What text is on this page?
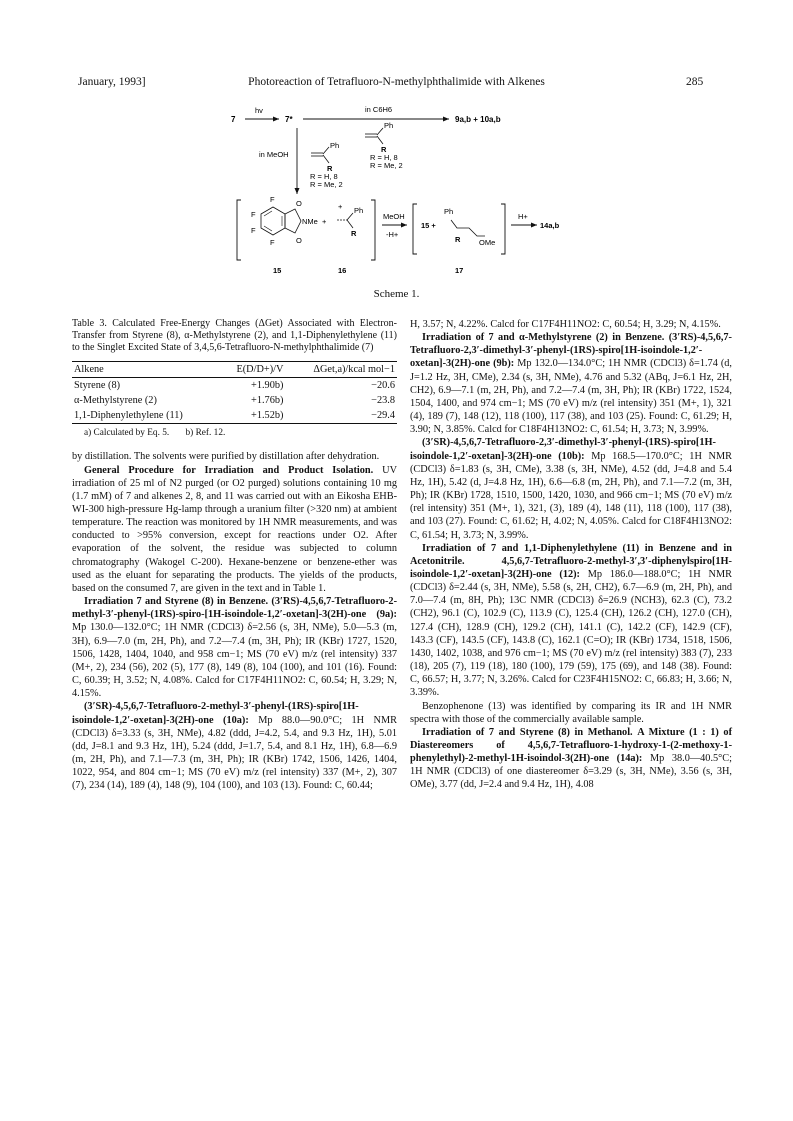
January, 1993]	Photoreaction of Tetrafluoro-N-methylphthalimide with Alkenes	285
7
hv
7*
in C6H6
9a,b + 10a,b
Ph
R
R = H, 8
R = Me, 2
in MeOH
Ph
R
R = H, 8
R = Me, 2
F
F
F
F
O
O
NMe +
+ Ph
R
15	16
MeOH
-H+
15 +
Ph
R OMe
17
H+
14a,b
Scheme 1.
Table 3. Calculated Free-Energy Changes (ΔGet) Associated with Electron-Transfer from Styrene (8), α-Methylstyrene (2), and 1,1-Diphenylethylene (11) to the Singlet Excited State of 3,4,5,6-Tetrafluoro-N-methylphthalimide (7)
Alkene	E(D/D+)/V	ΔGet,a)/kcal mol−1
Styrene (8)	+1.90b)	−20.6
α-Methylstyrene (2)	+1.76b)	−23.8
1,1-Diphenylethylene (11)	+1.52b)	−29.4
a) Calculated by Eq. 5. b) Ref. 12.

by distillation. The solvents were purified by distillation after dehydration.

General Procedure for Irradiation and Product Isolation. UV irradiation of 25 ml of N2 purged (or O2 purged) solutions containing 10 mg (1.7 mM) of 7 and alkenes 2, 8, and 11 was carried out with an Eikosha EHB-WI-300 high-pressure Hg-lamp through a uranium filter (>320 nm) at ambient temperature. The reaction was monitored by 1H NMR measurements, and was conducted to >95% conversion, except for reactions under O2. After evaporation of the solvent, the residue was subjected to column chromatography (Wakogel C-200). Hexane-benzene or benzene-ether was used as the eluant for separating the products. The yields of the products, based on the consumed 7, are given in the text and in Table 1.

Irradiation 7 and Styrene (8) in Benzene. (3′RS)-4,5,6,7-Tetrafluoro-2-methyl-3′-phenyl-(1RS)-spiro-[1H-isoindole-1,2′-oxetan]-3(2H)-one (9a): Mp 130.0—132.0°C; 1H NMR (CDCl3) δ=2.56 (s, 3H, NMe), 5.0—5.3 (m, 3H), 6.9—7.0 (m, 2H, Ph), and 7.2—7.4 (m, 3H, Ph); IR (KBr) 1727, 1520, 1506, 1428, 1404, 1040, and 958 cm−1; MS (70 eV) m/z (rel intensity) 337 (M+, 2), 234 (56), 202 (5), 177 (8), 149 (8), 104 (100), and 101 (16). Found: C, 60.39; H, 3.52; N, 4.08%. Calcd for C17F4H11NO2: C, 60.54; H, 3.29; N, 4.15%.

(3′SR)-4,5,6,7-Tetrafluoro-2-methyl-3′-phenyl-(1RS)-spiro[1H-isoindole-1,2′-oxetan]-3(2H)-one (10a): Mp 88.0—90.0°C; 1H NMR (CDCl3) δ=3.33 (s, 3H, NMe), 4.82 (ddd, J=4.2, 5.4, and 9.3 Hz, 1H), 5.01 (dd, J=8.1 and 9.3 Hz, 1H), 5.24 (ddd, J=1.7, 5.4, and 8.1 Hz, 1H), 6.8—6.9 (m, 2H, Ph), and 7.1—7.3 (m, 3H, Ph); IR (KBr) 1742, 1506, 1426, 1404, 1022, 954, and 804 cm−1; MS (70 eV) m/z (rel intensity) 337 (M+, 2), 307 (7), 234 (14), 189 (4), 148 (9), 104 (100), and 103 (13). Found: C, 60.44;

H, 3.57; N, 4.22%. Calcd for C17F4H11NO2: C, 60.54; H, 3.29; N, 4.15%.

Irradiation of 7 and α-Methylstyrene (2) in Benzene. (3′RS)-4,5,6,7-Tetrafluoro-2,3′-dimethyl-3′-phenyl-(1RS)-spiro[1H-isoindole-1,2′-oxetan]-3(2H)-one (9b): Mp 132.0—134.0°C; 1H NMR (CDCl3) δ=1.74 (d, J=1.2 Hz, 3H, CMe), 2.34 (s, 3H, NMe), 4.76 and 5.32 (ABq, J=6.1 Hz, 2H, CH2), 6.9—7.1 (m, 2H, Ph), and 7.2—7.4 (m, 3H, Ph); IR (KBr) 1722, 1524, 1504, 1400, and 974 cm−1; MS (70 eV) m/z (rel intensity) 351 (M+, 1), 321 (4), 189 (7), 148 (12), 118 (100), 117 (38), and 103 (25). Found: C, 61.29; H, 3.90; N, 3.85%. Calcd for C18F4H13NO2: C, 61.54; H, 3.73; N, 3.99%.

(3′SR)-4,5,6,7-Tetrafluoro-2,3′-dimethyl-3′-phenyl-(1RS)-spiro[1H-isoindole-1,2′-oxetan]-3(2H)-one (10b): Mp 168.5—170.0°C; 1H NMR (CDCl3) δ=1.83 (s, 3H, CMe), 3.38 (s, 3H, NMe), 4.52 (dd, J=4.8 and 5.4 Hz, 1H), 5.42 (d, J=4.8 Hz, 1H), 6.6—6.8 (m, 2H, Ph), and 7.1—7.2 (m, 3H, Ph); IR (KBr) 1728, 1510, 1500, 1420, 1030, and 966 cm−1; MS (70 eV) m/z (rel intensity) 351 (M+, 1), 321, (3), 189 (4), 148 (11), 118 (100), 117 (38), and 103 (27). Found: C, 61.62; H, 4.02; N, 4.05%. Calcd for C18F4H13NO2: C, 61.54; H, 3.73; N, 3.99%.

Irradiation of 7 and 1,1-Diphenylethylene (11) in Benzene and in Acetonitrile.	4,5,6,7-Tetrafluoro-2-methyl-3′,3′-diphenylspiro[1H-isoindole-1,2′-oxetan]-3(2H)-one (12): Mp 186.0—188.0°C; 1H NMR (CDCl3) δ=2.44 (s, 3H, NMe), 5.58 (s, 2H, CH2), 6.7—6.9 (m, 2H, Ph), and 7.0—7.4 (m, 8H, Ph); 13C NMR (CDCl3) δ=26.9 (NCH3), 62.3 (C), 73.2 (CH2), 96.1 (C), 102.9 (C), 113.9 (C), 125.4 (CH), 126.2 (CH), 127.0 (CH), 127.4 (CH), 128.9 (CH), 129.2 (CH), 141.1 (C), 142.2 (CF), 142.9 (CF), 143.3 (CF), 143.5 (CF), 143.8 (C), 162.1 (C=O); IR (KBr) 1734, 1518, 1506, 1430, 1402, 1038, and 976 cm−1; MS (70 eV) m/z (rel intensity) 383 (7), 233 (18), 205 (7), 119 (18), 180 (100), 179 (59), 175 (69), and 148 (38). Found: C, 66.57; H, 3.77; N, 3.26%. Calcd for C23F4H15NO2: C, 66.83; H, 3.66; N, 3.39%.

Benzophenone (13) was identified by comparing its IR and 1H NMR spectra with those of the commercially available sample.

Irradiation of 7 and Styrene (8) in Methanol. A Mixture (1 : 1) of Diastereomers of 4,5,6,7-Tetrafluoro-1-hydroxy-1-(2-methoxy-1-phenylethyl)-2-methyl-1H-isoindol-3(2H)-one (14a): Mp 38.0—40.5°C; 1H NMR (CDCl3) of one diastereomer δ=3.29 (s, 3H, NMe), 3.56 (s, 3H, OMe), 3.77 (dd, J=2.4 and 9.4 Hz, 1H), 4.08
